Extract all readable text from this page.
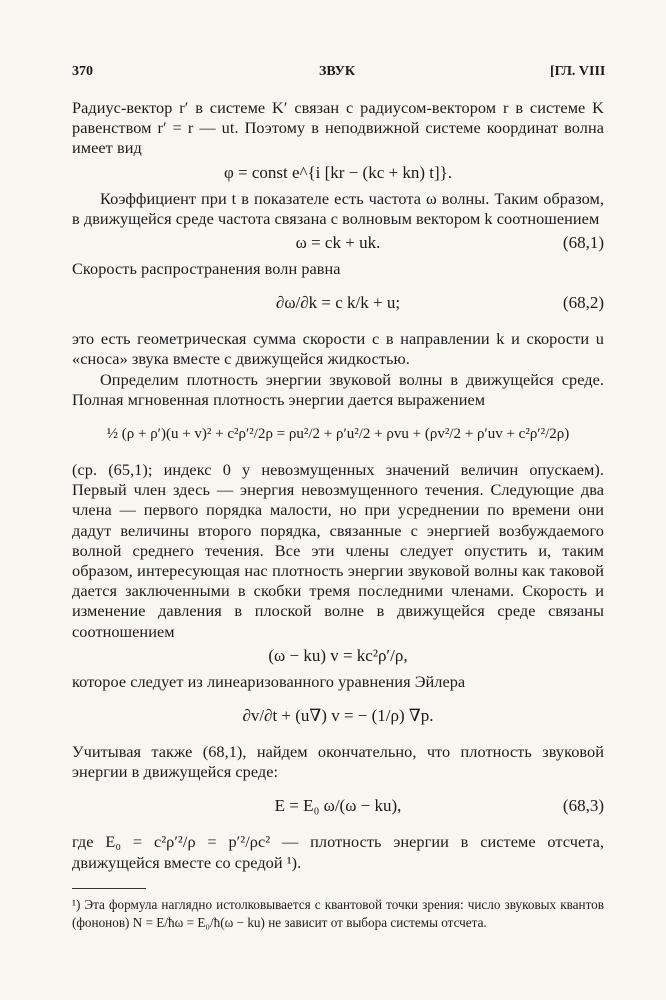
370	ЗВУК	[ГЛ. VIII

Радиус-вектор r′ в системе K′ связан с радиусом-вектором r в системе K равенством r′ = r — ut. Поэтому в неподвижной системе координат волна имеет вид

φ = const e^{i [kr − (kc + kn) t]}.

Коэффициент при t в показателе есть частота ω волны. Таким образом, в движущейся среде частота связана с волновым вектором k соотношением

ω = ck + uk.	(68,1)

Скорость распространения волн равна

∂ω/∂k = c k/k + u;	(68,2)

это есть геометрическая сумма скорости c в направлении k и скорости u «сноса» звука вместе с движущейся жидкостью.

Определим плотность энергии звуковой волны в движущейся среде. Полная мгновенная плотность энергии дается выражением

½ (ρ + ρ′)(u + v)² + c²ρ′²/2ρ = ρu²/2 + ρ′u²/2 + ρvu + (ρv²/2 + ρ′uv + c²ρ′²/2ρ)

(ср. (65,1); индекс 0 у невозмущенных значений величин опускаем). Первый член здесь — энергия невозмущенного течения. Следующие два члена — первого порядка малости, но при усреднении по времени они дадут величины второго порядка, связанные с энергией возбуждаемого волной среднего течения. Все эти члены следует опустить и, таким образом, интересующая нас плотность энергии звуковой волны как таковой дается заключенными в скобки тремя последними членами. Скорость и изменение давления в плоской волне в движущейся среде связаны соотношением

(ω − ku) v = kc²ρ′/ρ,

которое следует из линеаризованного уравнения Эйлера

∂v/∂t + (u∇) v = − (1/ρ) ∇p.

Учитывая также (68,1), найдем окончательно, что плотность звуковой энергии в движущейся среде:

E = E₀ ω/(ω − ku),	(68,3)

где E₀ = c²ρ′²/ρ = p′²/ρc² — плотность энергии в системе отсчета, движущейся вместе со средой ¹).

¹) Эта формула наглядно истолковывается с квантовой точки зрения: число звуковых квантов (фононов) N = E/ħω = E₀/ħ(ω − ku) не зависит от выбора системы отсчета.
